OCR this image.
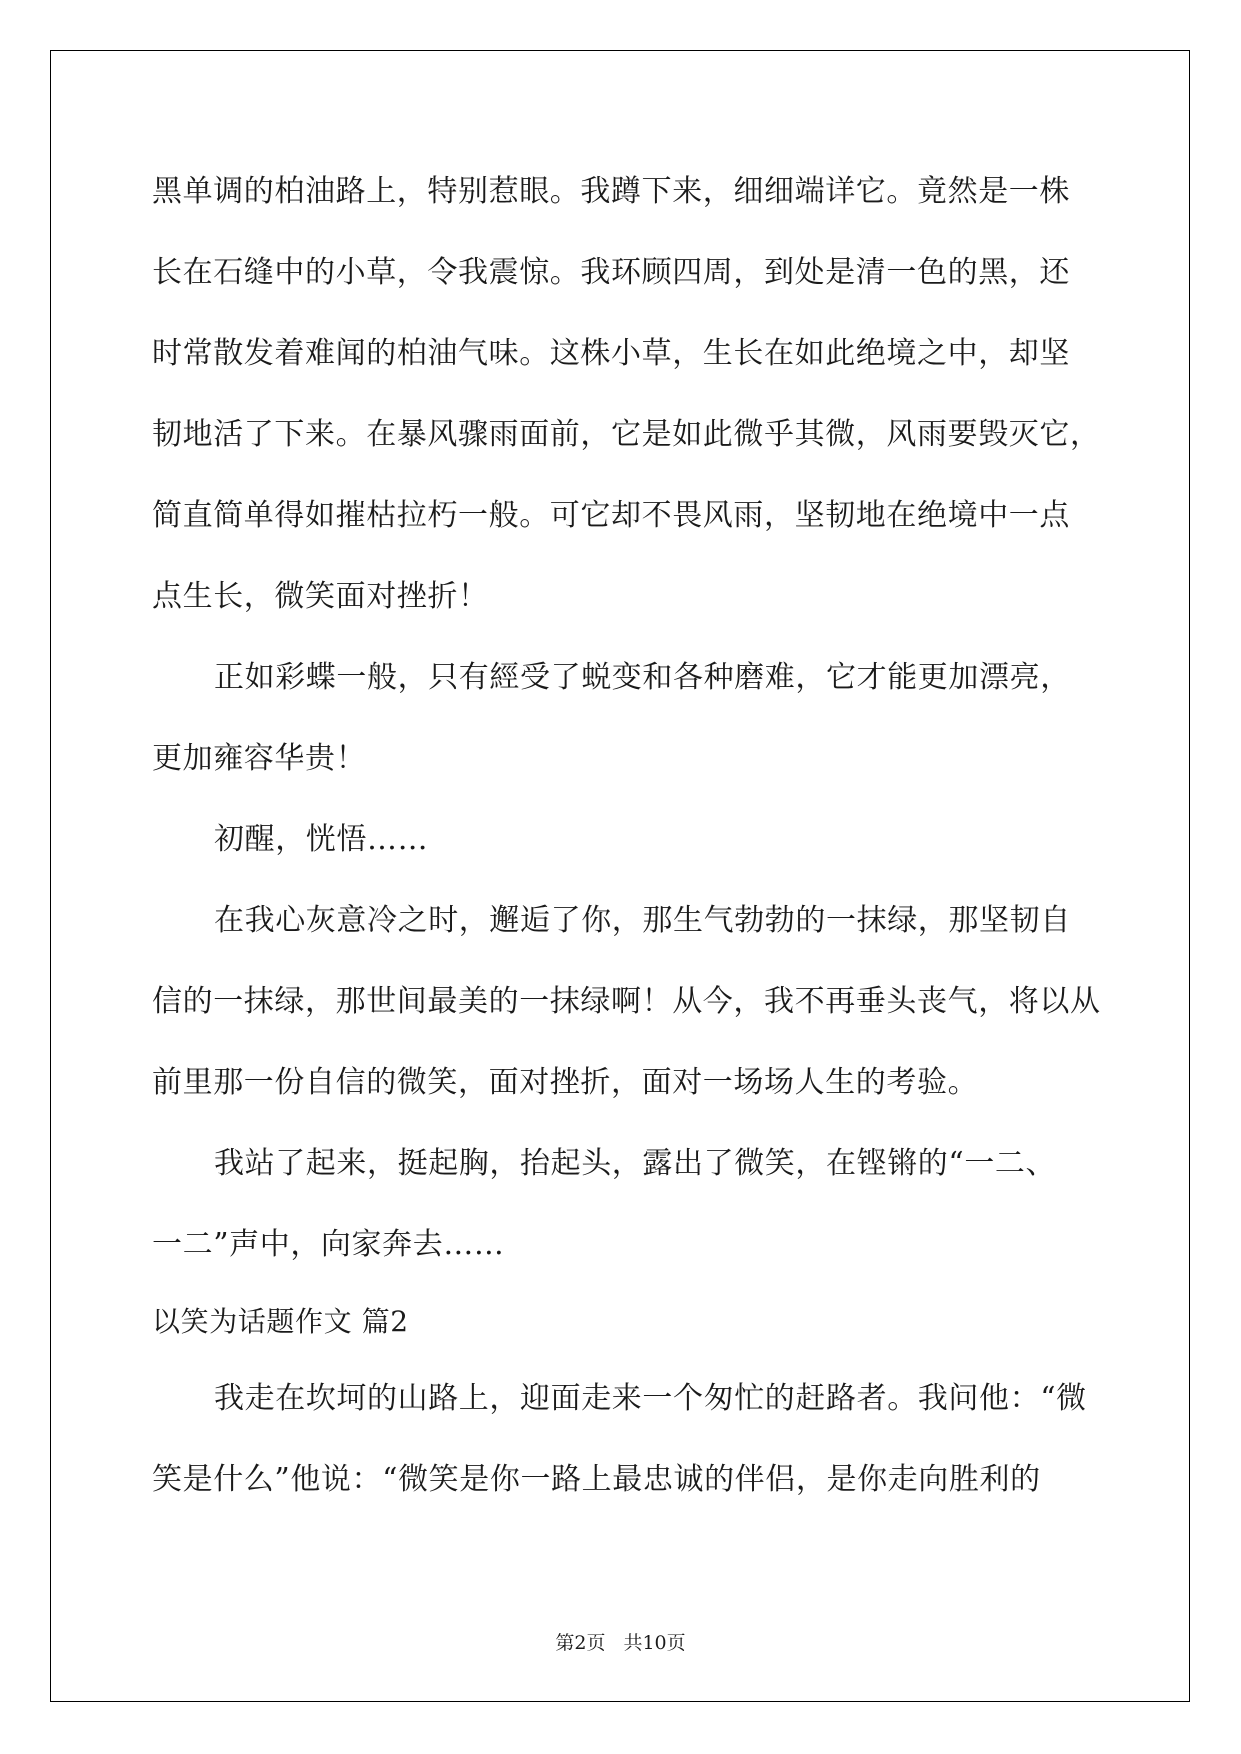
黑单调的柏油路上，特别惹眼。我蹲下来，细细端详它。竟然是一株
长在石缝中的小草，令我震惊。我环顾四周，到处是清一色的黑，还
时常散发着难闻的柏油气味。这株小草，生长在如此绝境之中，却坚
韧地活了下来。在暴风骤雨面前，它是如此微乎其微，风雨要毁灭它，
简直简单得如摧枯拉朽一般。可它却不畏风雨，坚韧地在绝境中一点
点生长，微笑面对挫折！
正如彩蝶一般，只有經受了蜕变和各种磨难，它才能更加漂亮，
更加雍容华贵！
初醒，恍悟……
在我心灰意冷之时，邂逅了你，那生气勃勃的一抹绿，那坚韧自
信的一抹绿，那世间最美的一抹绿啊！从今，我不再垂头丧气，将以从
前里那一份自信的微笑，面对挫折，面对一场场人生的考验。
我站了起来，挺起胸，抬起头，露出了微笑，在铿锵的“一二、
一二”声中，向家奔去……
以笑为话题作文 篇2
我走在坎坷的山路上，迎面走来一个匆忙的赶路者。我问他：“微
笑是什么”他说：“微笑是你一路上最忠诚的伴侣，是你走向胜利的
第2页 共10页
